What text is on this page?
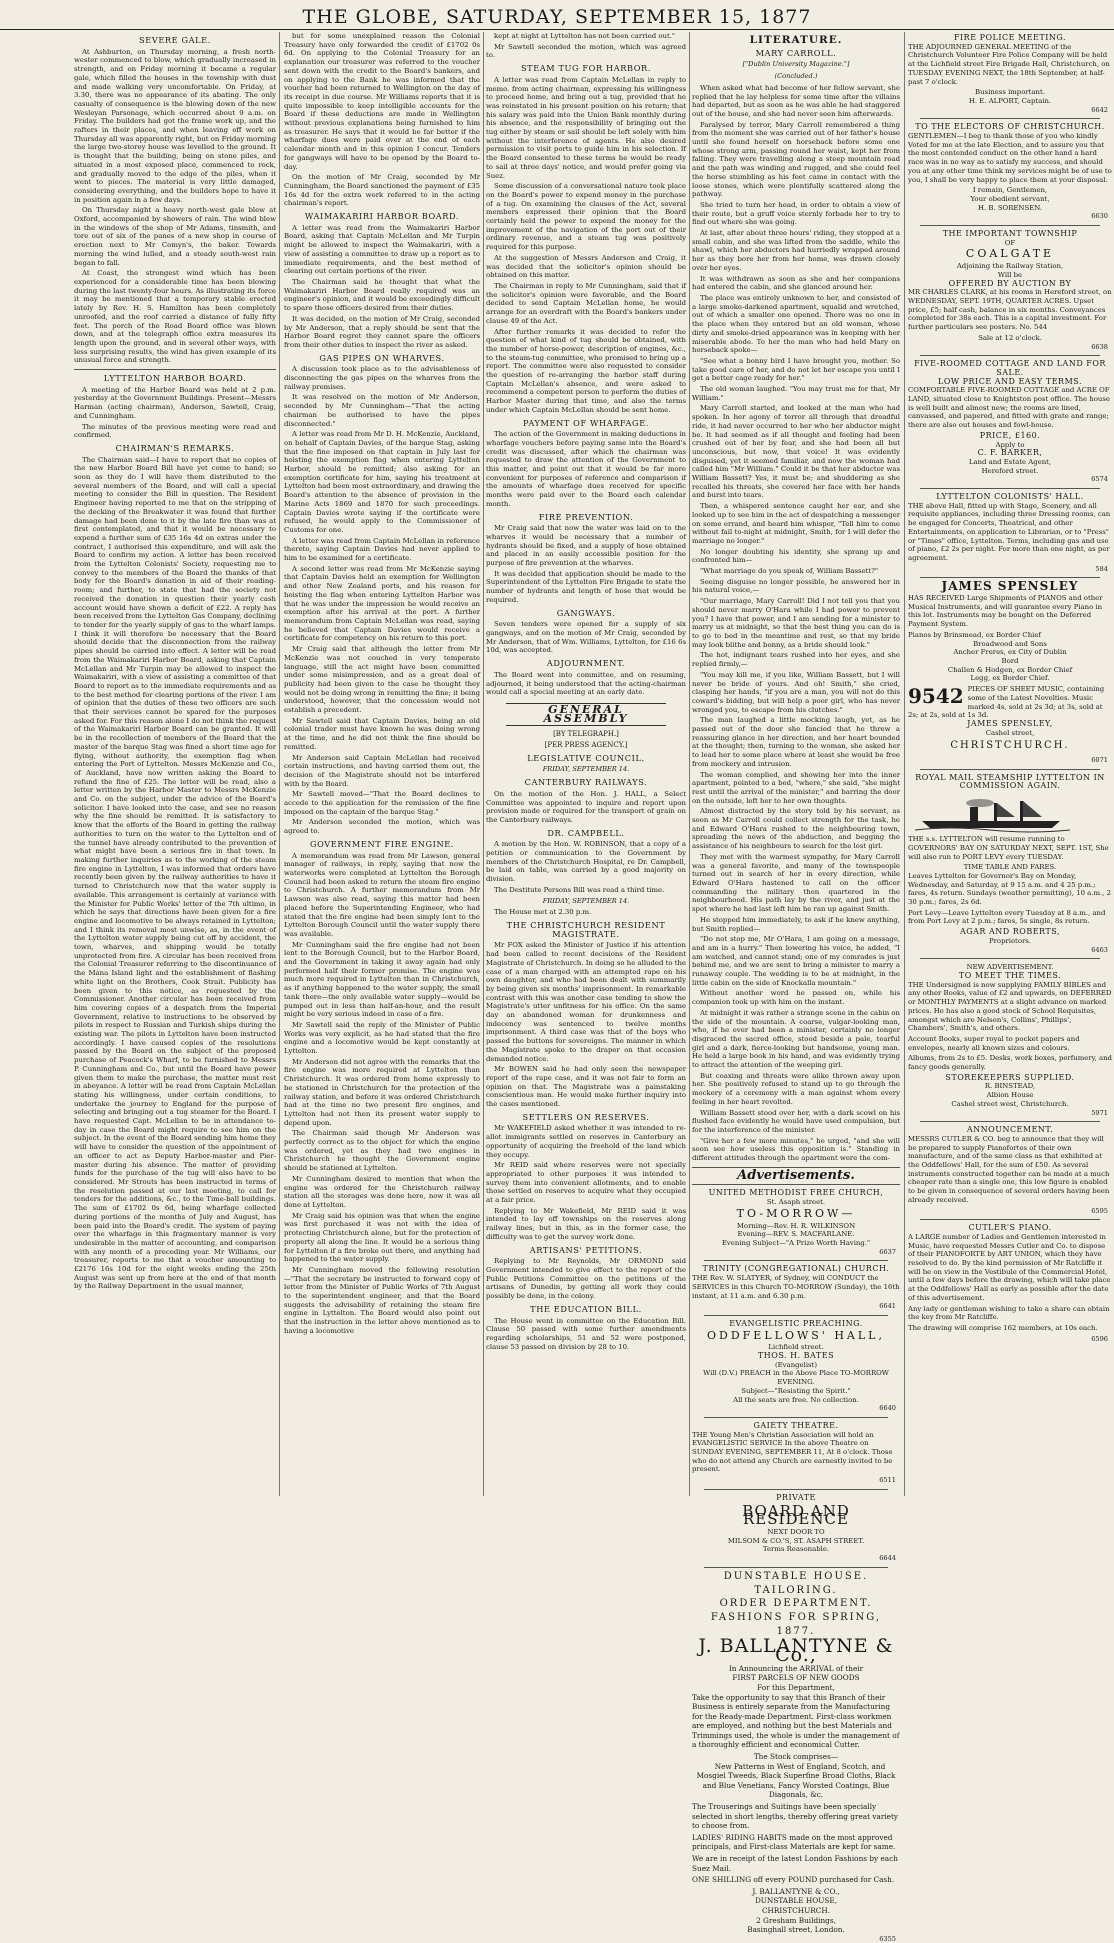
THE GLOBE, SATURDAY, SEPTEMBER 15, 1877
SEVERE GALE.

At Ashburton, on Thursday morning, a fresh north-wester commenced to blow, which gradually increased in strength, and on Friday morning it became a regular gale, which filled the houses in the township with dust and made walking very uncomfortable. On Friday, at 3.30, there was no appearance of its abating. The only casualty of consequence is the blowing down of the new Wesleyan Parsonage, which occurred about 9 a.m. on Friday. The builders had got the frame work up, and the rafters in their places, and when leaving off work on Thursday all was apparently right, but on Friday morning the large two-storey house was levelled to the ground. It is thought that the building, being on stone piles, and situated in a most exposed place, commenced to rock, and gradually moved to the edge of the piles, when it went to pieces. The material is very little damaged, considering everything, and the builders hope to have it in position again in a few days.

On Thursday night a heavy north-west gale blew at Oxford, accompanied by showers of rain. The wind blew in the windows of the shop of Mr Adams, tinsmith, and tore out of six of the panes of a new shop in course of erection next to Mr Comyn's, the baker. Towards morning the wind lulled, and a steady south-west rain began to fall.

At Coast, the strongest wind which has been experienced for a considerable time has been blowing during the last twenty-four hours. As illustrating its force it may be mentioned that a temporary stable erected lately by Rev. H. S. Hamilton has been completely unroofed, and the roof carried a distance of fully fifty feet. The porch of the Road Board office was blown down, and at the telegraph office extra measures its length upon the ground, and in several other ways, with less surprising results, the wind has given example of its unusual force and strength.

LYTTELTON HARBOR BOARD.

A meeting of the Harbor Board was held at 2 p.m. yesterday at the Government Buildings. Present—Messrs Harman (acting chairman), Anderson, Sawtell, Craig, and Cunningham.

The minutes of the previous meeting were read and confirmed.

CHAIRMAN'S REMARKS.

The Chairman said—I have to report that no copies of the new Harbor Board Bill have yet come to hand; so soon as they do I will have them distributed to the several members of the Board, and will call a special meeting to consider the Bill in question. The Resident Engineer having reported to me that on the stripping of the decking of the Breakwater it was found that further damage had been done to it by the late fire than was at first contemplated, and that it would be necessary to expend a further sum of £35 16s 4d on extras under the contract, I authorised this expenditure, and will ask the Board to confirm my action. A letter has been received from the Lyttelton Colonists' Society, requesting me to convey to the members of the Board the thanks of that body for the Board's donation in aid of their reading-room; and further, to state that had the society not received the donation in question their yearly cash account would have shown a deficit of £22. A reply has been received from the Lyttelton Gas Company, declining to tender for the yearly supply of gas to the wharf lamps. I think it will therefore be necessary that the Board should decide that the disconnection from the railway pipes should be carried into effect. A letter will be read from the Waimakariri Harbor Board, asking that Captain McLellan and Mr Turpin may be allowed to inspect the Waimakariri, with a view of assisting a committee of that Board to report as to the immediate requirements and as to the best method for clearing portions of the river. I am of opinion that the duties of these two officers are such that their services cannot be spared for the purposes asked for. For this reason alone I do not think the request of the Waimakariri Harbor Board can be granted. It will be in the recollection of members of the Board that the master of the barque Stag was fined a short time ago for flying, without authority, the exemption flag when entering the Port of Lyttelton. Messrs McKenzie and Co., of Auckland, have now written asking the Board to refund the fine of £25. The letter will be read, also a letter written by the Harbor Master to Messrs McKenzie and Co. on the subject, under the advice of the Board's solicitor. I have looked into the case, and see no reason why the fine should be remitted. It is satisfactory to know that the efforts of the Board in getting the railway authorities to turn on the water to the Lyttelton end of the tunnel have already contributed to the prevention of what might have been a serious fire in that town. In making further inquiries as to the working of the steam fire engine in Lyttelton, I was informed that orders have recently been given by the railway authorities to have it turned to Christchurch now that the water supply is available. This arrangement is certainly at variance with the Minister for Public Works' letter of the 7th ultimo, in which he says that directions have been given for a fire engine and locomotive to be always retained in Lyttelton; and I think its removal most unwise, as, in the event of the Lyttelton water supply being cut off by accident, the town, wharves, and shipping would be totally unprotected from fire. A circular has been received from the Colonial Treasurer referring to the discontinuance of the Mana Island light and the establishment of flashing white light on the Brothers, Cook Strait. Publicity has been given to this notice, as requested by the Commissioner. Another circular has been received from him covering copies of a despatch from the Imperial Government, relative to instructions to be observed by pilots in respect to Russian and Turkish ships during the existing war. The pilots in Lyttelton have been instructed accordingly. I have caused copies of the resolutions passed by the Board on the subject of the proposed purchase of Peacock's Wharf, to be furnished to Messrs P. Cunningham and Co., but until the Board have power given them to make the purchase, the matter must rest in abeyance. A letter will be read from Captain McLellan stating his willingness, under certain conditions, to undertake the journey to England for the purpose of selecting and bringing out a tug steamer for the Board. I have requested Capt. McLellan to be in attendance to-day in case the Board might require to see him on the subject. In the event of the Board sending him home they will have to consider the question of the appointment of an officer to act as Deputy Harbor-master and Pier-master during his absence. The matter of providing funds for the purchase of the tug will also have to be considered. Mr Strouts has been instructed in terms of the resolution passed at our last meeting, to call for tenders for the additions, &c., to the Time-ball buildings. The sum of £1702 0s 6d, being wharfage collected during portions of the months of July and August, has been paid into the Board's credit. The system of paying over the wharfage in this fragmentary manner is very undesirable in the matter of accounting, and comparison with any month of a preceding year. Mr Williams, our treasurer, reports to me that a voucher amounting to £2176 16s 10d for the eight weeks ending the 25th August was sent up from here at the end of that month by the Railway Department in the usual manner,

but for some unexplained reason the Colonial Treasury have only forwarded the credit of £1702 0s 6d. On applying to the Colonial Treasury for an explanation our treasurer was referred to the voucher sent down with the credit to the Board's bankers, and on applying to the Bank he was informed that the voucher had been returned to Wellington on the day of its receipt in due course. Mr Williams reports that it is quite impossible to keep intelligible accounts for the Board if these deductions are made in Wellington without previous explanations being furnished to him as treasurer. He says that it would be far better if the wharfage dues were paid over at the end of each calendar month and in this opinion I concur. Tenders for gangways will have to be opened by the Board to-day.

On the motion of Mr Craig, seconded by Mr Cunningham, the Board sanctioned the payment of £35 16s 4d for the extra work referred to in the acting chairman's report.

WAIMAKARIRI HARBOR BOARD.

A letter was read from the Waimakariri Harbor Board, asking that Captain McLellan and Mr Turpin might be allowed to inspect the Waimakariri, with a view of assisting a committee to draw up a report as to immediate requirements, and the best method of clearing out certain portions of the river.

The Chairman said he thought that what the Waimakariri Harbor Board really required was an engineer's opinion, and it would be exceedingly difficult to spare those officers desired from their duties.

It was decided, on the motion of Mr Craig, seconded by Mr Anderson, that a reply should be sent that the Harbor Board regret they cannot spare the officers from their other duties to inspect the river as asked.

GAS PIPES ON WHARVES.

A discussion took place as to the advisableness of disconnecting the gas pipes on the wharves from the railway premises.

It was resolved on the motion of Mr Anderson, seconded by Mr Cunningham—"That the acting chairman be authorised to have the pipes disconnected."

A letter was read from Mr D. H. McKenzie, Auckland, on behalf of Captain Davies, of the barque Stag, asking that the fine imposed on that captain in July last for hoisting the exemption flag when entering Lyttelton Harbor, should be remitted; also asking for an exemption certificate for him, saying his treatment at Lyttelton had been most extraordinary, and drawing the Board's attention to the absence of provision in the Marine Acts 1869 and 1870 for such proceedings. Captain Davies wrote saying if the certificate were refused, he would apply to the Commissioner of Customs for one.

A letter was read from Captain McLellan in reference thereto, saying Captain Davies had never applied to him to be examined for a certificate.

A second letter was read from Mr McKenzie saying that Captain Davies held an exemption for Wellington and other New Zealand ports, and his reason for hoisting the flag when entering Lyttelton Harbor was that he was under the impression he would receive an exemption after his arrival at the port. A further memorandum from Captain McLellan was read, saying he believed that Captain Davies would receive a certificate for competency on his return to this port.

Mr Craig said that although the letter from Mr McKenzie was not couched in very temperate language, still the act might have been committed under some misimpression, and as a great deal of publicity had been given to the case he thought they would not be doing wrong in remitting the fine; it being understood, however, that the concession would not establish a precedent.

Mr Sawtell said that Captain Davies, being an old colonial trader must have known he was doing wrong at the time, and he did not think the fine should be remitted.

Mr Anderson said Captain McLellan had received certain instructions, and having carried them out, the decision of the Magistrate should not be interfered with by the Board.

Mr Sawtell moved—"That the Board declines to accede to the application for the remission of the fine imposed on the captain of the barque Stag."

Mr Anderson seconded the motion, which was agreed to.

GOVERNMENT FIRE ENGINE.

A memorandum was read from Mr Lawson, general manager of railways, in reply, saying that now the waterworks were completed at Lyttelton the Borough Council had been asked to return the steam fire engine to Christchurch. A further memorandum from Mr Lawson was also read, saying this matter had been placed before the Superintending Engineer, who had stated that the fire engine had been simply lent to the Lyttelton Borough Council until the water supply there was available.

Mr Cunningham said the fire engine had not been lent to the Borough Council, but to the Harbor Board, and the Government in taking it away again had only performed half their former promise. The engine was much more required in Lyttelton than in Christchurch, as if anything happened to the water supply, the small tank there—the only available water supply—would be pumped out in less than half-an-hour, and the result might be very serious indeed in case of a fire.

Mr Sawtell said the reply of the Minister of Public Works was very explicit, as he had stated that the fire engine and a locomotive would be kept constantly at Lyttelton.

Mr Anderson did not agree with the remarks that the fire engine was more required at Lyttelton than Christchurch. It was ordered from home expressly to be stationed in Christchurch for the protection of the railway station, and before it was ordered Christchurch had at the time no two present fire engines, and Lyttelton had not then its present water supply to depend upon.

The Chairman said though Mr Anderson was perfectly correct as to the object for which the engine was ordered, yet as they had two engines in Christchurch he thought the Government engine should be stationed at Lyttelton.

Mr Cunningham desired to mention that when the engine was ordered for the Christchurch railway station all the storages was done here, now it was all done at Lyttelton.

Mr Craig said his opinion was that when the engine was first purchased it was not with the idea of protecting Christchurch alone, but for the protection of property all along the line. It would be a serious thing for Lyttelton if a fire broke out there, and anything had happened to the water supply.

Mr Cunningham moved the following resolution—"That the secretary be instructed to forward copy of letter from the Minister of Public Works of 7th August to the superintendent engineer, and that the Board suggests the advisability of retaining the steam fire engine in Lyttelton. The Board would also point out that the instruction in the letter above mentioned as to having a locomotive

kept at night at Lyttelton has not been carried out."

Mr Sawtell seconded the motion, which was agreed to.

STEAM TUG FOR HARBOR.

A letter was read from Captain McLellan in reply to memo. from acting chairman, expressing his willingness to proceed home, and bring out a tug, provided that he was reinstated in his present position on his return; that his salary was paid into the Union Bank monthly during his absence, and the responsibility of bringing out the tug either by steam or sail should be left solely with him without the interference of agents. He also desired permission to visit ports to guide him in his selection. If the Board consented to these terms he would be ready to sail at three days' notice, and would prefer going via Suez.

Some discussion of a conversational nature took place on the Board's power to expend money in the purchase of a tug. On examining the clauses of the Act, several members expressed their opinion that the Board certainly held the power to expend the money for the improvement of the navigation of the port out of their ordinary revenue, and a steam tug was positively required for this purpose.

At the suggestion of Messrs Anderson and Craig, it was decided that the solicitor's opinion should be obtained on this matter.

The Chairman in reply to Mr Cunningham, said that if the solicitor's opinion were favorable, and the Board decided to send Captain McLellan home, he would arrange for an overdraft with the Board's bankers under clause 49 of the Act.

After further remarks it was decided to refer the question of what kind of tug should be obtained, with the number of horse-power, description of engines, &c., to the steam-tug committee, who promised to bring up a report. The committee were also requested to consider the question of re-arranging the harbor staff during Captain McLellan's absence, and were asked to recommend a competent person to perform the duties of Harbor Master during that time, and also the terms under which Captain McLellan should be sent home.

PAYMENT OF WHARFAGE.

The action of the Government in making deductions in wharfage vouchers before paying same into the Board's credit was discussed, after which the chairman was requested to draw the attention of the Government to this matter, and point out that it would be far more convenient for purposes of reference and comparison if the amounts of wharfage dues received for specific months were paid over to the Board each calendar month.

FIRE PREVENTION.

Mr Craig said that now the water was laid on to the wharves it would be necessary that a number of hydrants should be fixed, and a supply of hose obtained and placed in an easily accessible position for the purpose of fire prevention at the wharves.

It was decided that application should be made to the Superintendent of the Lyttelton Fire Brigade to state the number of hydrants and length of hose that would be required.

GANGWAYS.

Seven tenders were opened for a supply of six gangways, and on the motion of Mr Craig, seconded by Mr Anderson, that of Wm. Williams, Lyttelton, for £16 6s 10d, was accepted.

ADJOURNMENT.

The Board went into committee, and on resuming, adjourned, it being understood that the acting-chairman would call a special meeting at an early date.

GENERAL ASSEMBLY
[BY TELEGRAPH.]
[PER PRESS AGENCY.]
LEGISLATIVE COUNCIL.
FRIDAY, SEPTEMBER 14.
CANTERBURY RAILWAYS.

On the motion of the Hon. J. HALL, a Select Committee was appointed to inquire and report upon provision made or required for the transport of grain on the Canterbury railways.

DR. CAMPBELL.

A motion by the Hon. W. ROBINSON, that a copy of a petition or communication to the Government by members of the Christchurch Hospital, re Dr. Campbell, be laid on table, was carried by a good majority on division.

The Destitute Persons Bill was read a third time.

FRIDAY, SEPTEMBER 14.

The House met at 2.30 p.m.

THE CHRISTCHURCH RESIDENT MAGISTRATE.

Mr FOX asked the Minister of Justice if his attention had been called to recent decisions of the Resident Magistrate of Christchurch. In doing so he alluded to the case of a man charged with an attempted rape on his own daughter, and who had been dealt with summarily by being given six months' imprisonment. In remarkable contrast with this was another case tending to show the Magistrate's utter unfitness for his office. On the same day an abandoned woman for drunkenness and indecency was sentenced to twelve months imprisonment. A third case was that of the boys who passed the buttons for sovereigns. The manner in which the Magistrate spoke to the draper on that occasion demanded notice.

Mr BOWEN said he had only seen the newspaper report of the rape case, and it was not fair to form an opinion on that. The Magistrate was a painstaking conscientious man. He would make further inquiry into the cases mentioned.

SETTLERS ON RESERVES.

Mr WAKEFIELD asked whether it was intended to re-allot immigrants settled on reserves in Canterbury an opportunity of acquiring the freehold of the land which they occupy.

Mr REID said where reserves were not specially appropriated to other purposes it was intended to survey them into convenient allotments, and to enable those settled on reserves to acquire what they occupied at a fair price.

Replying to Mr Wakefield, Mr REID said it was intended to lay off townships on the reserves along railway lines, but in this, as in the former case, the difficulty was to get the survey work done.

ARTISANS' PETITIONS.

Replying to Mr Reynolds, Mr ORMOND said Government intended to give effect to the report of the Public Petitions Committee on the petitions of the artisans of Dunedin, by getting all work they could possibly be done, in the colony.

THE EDUCATION BILL.

The House went in committee on the Education Bill. Clause 50 passed with some further amendments regarding scholarships, 51 and 52 were postponed, clause 53 passed on division by 28 to 10.

LITERATURE.
MARY CARROLL.
["Dublin University Magazine."]
(Concluded.)

When asked what had become of her fellow servant, she replied that he lay helpless for some time after the villains had departed, but as soon as he was able he had staggered out of the house, and she had never seen him afterwards.

Paralysed by terror, Mary Carroll remembered a thing from the moment she was carried out of her father's house until she found herself on horseback before some one whose strong arm, passing round her waist, kept her from falling. They were travelling along a steep mountain road and the path was winding and rugged, and she could feel the horse stumbling as his feet came in contact with the loose stones, which were plentifully scattered along the pathway.

She tried to turn her head, in order to obtain a view of their route, but a gruff voice sternly forbade her to try to find out where she was going.

At last, after about three hours' riding, they stopped at a small cabin, and she was lifted from the saddle, while the shawl, which her abductors had hurriedly wrapped around her as they bore her from her home, was drawn closely over her eyes.

It was withdrawn as soon as she and her companions had entered the cabin, and she glanced around her.

The place was entirely unknown to her, and consisted of a large smoke-darkened apartment, squalid and wretched, out of which a smaller one opened. There was no one in the place when they entered but an old woman, whose dirty and smoke-dried appearance was in keeping with her miserable abode. To her the man who had held Mary on horseback spoke—

"See what a bonny bird I have brought you, mother. So take good care of her, and do not let her escape you until I get a better cage ready for her."

The old woman laughed. "You may trust me for that, Mr William."

Mary Carroll started, and looked at the man who had spoken. In her agony of terror all through that dreadful ride, it had never occurred to her who her abductor might be. It had seemed as if all thought and feeling had been crushed out of her by fear, and she had been all but unconscious, but now, that voice! It was evidently disguised, yet it seemed familiar, and now the woman had called him "Mr William." Could it be that her abductor was William Bassett? Yes, it must be; and shuddering as she recalled his threats, she covered her face with her hands and burst into tears.

Then, a whispered sentence caught her ear, and she looked up to see him in the act of despatching a messenger on some errand, and heard him whisper, "Tell him to come without fail to-night at midnight, Smith, for I will defer the marriage no longer."

No longer doubting his identity, she sprang up and confronted him—

"What marriage do you speak of, William Bassett?"

Seeing disguise no longer possible, he answered her in his natural voice,—

"Our marriage, Mary Carroll! Did I not tell you that you should never marry O'Hara while I had power to prevent you? I have that power, and I am sending for a minister to marry us at midnight, so that the best thing you can do is to go to bed in the meantime and rest, so that my bride may look blithe and bonny, as a bride should look."

The hot, indignant tears rushed into her eyes, and she replied firmly,—

"You may kill me, if you like, William Bassett, but I will never be bride of yours. And oh! Smith," she cried, clasping her hands, "if you are a man, you will not do this coward's bidding, but will help a poor girl, who has never wronged you, to escape from his clutches."

The man laughed a little mocking laugh, yet, as he passed out of the door she fancied that he threw a reassuring glance in her direction, and her heart bounded at the thought; then, turning to the woman, she asked her to lead her to some place where at least she would be free from mockery and intrusion.

The woman complied, and showing her into the inner apartment, pointed to a bed, "where," she said, "she might rest until the arrival of the minister," and barring the door on the outside, left her to her own thoughts.

Almost distracted by the story told by his servant, as soon as Mr Carroll could collect strength for the task, he and Edward O'Hara rushed to the neighbouring town, spreading the news of the abduction, and begging the assistance of his neighbours to search for the lost girl.

They met with the warmest sympathy, for Mary Carroll was a general favorite, and many of the townspeople turned out in search of her in every direction, while Edward O'Hara hastened to call on the officer commanding the military then quartered in the neighbourhood. His path lay by the river, and just at the spot where he had last left him he ran up against Smith.

He stopped him immediately, to ask if he knew anything, but Smith replied—

"Do not stop me, Mr O'Hara, I am going on a message, and am in a hurry." Then lowering his voice, he added, "I am watched, and cannot stand; one of my comrades is just behind me, and we are sent to bring a minister to marry a runaway couple. The wedding is to be at midnight, in the little cabin on the side of Knockalla mountain."

Without another word he passed on, while his companion took up with him on the instant.

At midnight it was rather a strange scene in the cabin on the side of the mountain. A coarse, vulgar-looking man, who, if he ever had been a minister, certainly no longer disgraced the sacred office, stood beside a pale, tearful girl and a dark, fierce-looking but handsome, young man. He held a large book in his hand, and was evidently trying to attract the attention of the weeping girl.

But coaxing and threats were alike thrown away upon her. She positively refused to stand up to go through the mockery of a ceremony with a man against whom every feeling in her heart revolted.

William Bassett stood over her, with a dark scowl on his flushed face evidently he would have used compulsion, but for the interference of the minister.

"Give her a few more minutes," he urged, "and she will soon see how useless this opposition is." Standing in different attitudes through the apartment were the com-

Advertisements.
UNITED METHODIST FREE CHURCH,
St. Asaph street.
TO-MORROW—
Morning—Rev. H. R. WILKINSON
Evening—REV. S. MACFARLANE.
Evening Subject—"A Prize Worth Having."
6637
TRINITY (CONGREGATIONAL) CHURCH.

THE Rev. W. SLATYER, of Sydney, will CONDUCT the SERVICES in this Church TO-MORROW (Sunday), the 16th instant, at 11 a.m. and 6.30 p.m.

6641
EVANGELISTIC PREACHING.
ODDFELLOWS' HALL,
Lichfield street.
THOS. H. BATES
(Evangelist)
Will (D.V.) PREACH in the Above Place TO-MORROW EVENING.
Subject—"Resisting the Spirit."
All the seats are free. No collection.
6640
GAIETY THEATRE.

THE Young Men's Christian Association will hold an EVANGELISTIC SERVICE In the above Theatre on SUNDAY EVENING, SEPTEMBER 11, At 8 o'clock. Those who do not attend any Church are earnestly invited to be present.

6511
PRIVATE
BOARD AND RESIDENCE
NEXT DOOR TO
MILSOM & CO.'S, ST. ASAPH STREET.
Terms Reasonable.
6644
DUNSTABLE HOUSE.
TAILORING.
ORDER DEPARTMENT.
FASHIONS FOR SPRING,
1877.
J. BALLANTYNE & Co.,
In Announcing the ARRIVAL of their
FIRST PARCELS OF NEW GOODS
For this Department,

Take the opportunity to say that this Branch of their Business is entirely separate from the Manufacturing for the Ready-made Department. First-class workmen are employed, and nothing but the best Materials and Trimmings used, the whole is under the management of a thoroughly efficient and economical Cutter.

The Stock comprises—

New Patterns in West of England, Scotch, and Mosgiel Tweeds, Black Superfine Broad Cloths, Black and Blue Venetians, Fancy Worsted Coatings, Blue Diagonals, &c.

The Trouserings and Suitings have been specially selected in short lengths, thereby offering great variety to choose from.

LADIES' RIDING HABITS made on the most approved principals, and First-class Materials are kept for same.

We are in receipt of the latest London Fashions by each Suez Mail.

ONE SHILLING off every POUND purchased for Cash.

J. BALLANTYNE & CO.,
DUNSTABLE HOUSE,
CHRISTCHURCH.
2 Gresham Buildings,
Basinghall street, London.
6355
FIRE POLICE MEETING.

THE ADJOURNED GENERAL MEETING of the Christchurch Volunteer Fire Police Company will be held at the Lichfield street Fire Brigade Hall, Christchurch, on TUESDAY EVENING NEXT, the 18th September, at half-past 7 o'clock.

Business important.
H. E. ALPORT, Captain.
6642
TO THE ELECTORS OF CHRISTCHURCH.

GENTLEMEN—I beg to thank those of you who kindly Voted for me at the late Election, and to assure you that the most contended conduct on the other hand a hard race was in no way as to satisfy my success, and should you at any other time think my services might be of use to you, I shall be very happy to place them at your disposal.

I remain, Gentlemen,
Your obedient servant,
H. B. SORENSEN.
6630
THE IMPORTANT TOWNSHIP
OF
COALGATE
Adjoining the Railway Station,
Will be
OFFERED BY AUCTION BY

MR CHARLES CLARK, at his rooms in Hereford street, on WEDNESDAY, SEPT. 19TH, QUARTER ACRES. Upset price, £5; half cash, balance in six months. Conveyances completed for 38s each. This is a capital investment. For further particulars see posters. No. 544

Sale at 12 o'clock.
6638
FIVE-ROOMED COTTAGE AND LAND FOR SALE.
LOW PRICE AND EASY TERMS.

COMFORTABLE FIVE-ROOMED COTTAGE and ACRE OF LAND, situated close to Knightston post office. The house is well built and almost new; the rooms are lined, canvassed, and papered, and fitted with grate and range; there are also out houses and fowl-house.

PRICE, £160.
Apply to
C. F. BARKER,
Land and Estate Agent,
Hereford street.
6574
LYTTELTON COLONISTS' HALL.

THE above Hall, fitted up with Stage, Scenery, and all requisite appliances, including three Dressing rooms, can be engaged for Concerts, Theatrical, and other Entertainments, on application to Librarian, or to "Press" or "Times" office, Lyttelton. Terms, including gas and use of piano, £2 2s per night. For more than one night, as per agreement.

584
JAMES SPENSLEY

HAS RECEIVED Large Shipments of PIANOS and other Musical Instruments, and will guarantee every Piano in this lot. Instruments may be bought on the Deferred Payment System.

Pianos by Brinsmead, ex Border Chief
Broadwood and Sons
Ancher Freres, ex City of Dublin
Bord
Challen & Hodgen, ex Border Chief
Legg, ex Border Chief.
9542 PIECES OF SHEET MUSIC, containing some of the Latest Novelties. Music marked 4s, sold at 2s 3d; at 3s, sold at 2s; at 2s, sold at 1s 3d.
JAMES SPENSLEY,
Cashel street,
CHRISTCHURCH.
6071
ROYAL MAIL STEAMSHIP LYTTELTON IN COMMISSION AGAIN.

THE s.s. LYTTELTON will resume running to GOVERNORS' BAY ON SATURDAY NEXT, SEPT. 1ST, She will also run to PORT LEVY every TUESDAY.

TIME TABLE AND FARES.

Leaves Lyttelton for Governor's Bay on Monday, Wednesday, and Saturday, at 9 15 a.m. and 4 25 p.m.; fares, 4s return. Sundays (weather permitting), 10 a.m., 2 30 p.m.; fares, 2s 6d.

Port Levy—Leave Lyttelton every Tuesday at 8 a.m., and from Port Levy at 2 p.m.; fares, 5s single, 8s return.

AGAR AND ROBERTS,
Proprietors.
6463
NEW ADVERTISEMENT.
TO MEET THE TIMES.

THE Undersigned is now supplying FAMILY BIBLES and any other Books, value of £2 and upwards, on DEFERRED or MONTHLY PAYMENTS at a slight advance on marked prices. He has also a good stock of School Requisites, amongst which are Nelson's, Collins', Phillips', Chambers', Smith's, and others.

Account Books, super royal to pocket papers and envelopes, nearly all known sizes and colours.

Albums, from 2s to £5. Desks, work boxes, perfumery, and fancy goods generally.

STOREKEEPERS SUPPLIED.
R. BINSTEAD,
Albion House
Cashel street west, Christchurch.
5971
ANNOUNCEMENT.

MESSRS CUTLER & CO. beg to announce that they will be prepared to supply Pianofortes of their own manufacture, and of the same class as that exhibited at the Oddfellows' Hall, for the sum of £50. As several instruments constructed together can be made at a much cheaper rate than a single one, this low figure is enabled to be given in consequence of several orders having been already received.

6595
CUTLER'S PIANO.

A LARGE number of Ladies and Gentlemen interested in Music, have requested Messrs Cutler and Co. to dispose of their PIANOFORTE by ART UNION, which they have resolved to do. By the kind permission of Mr Ratcliffe it will be on view in the Vestibule of the Commercial Hotel, until a few days before the drawing, which will take place at the Oddfellows' Hall as early as possible after the date of this advertisement.

Any lady or gentleman wishing to take a share can obtain the key from Mr Ratcliffe.

The drawing will comprise 162 members, at 10s each.

6596
